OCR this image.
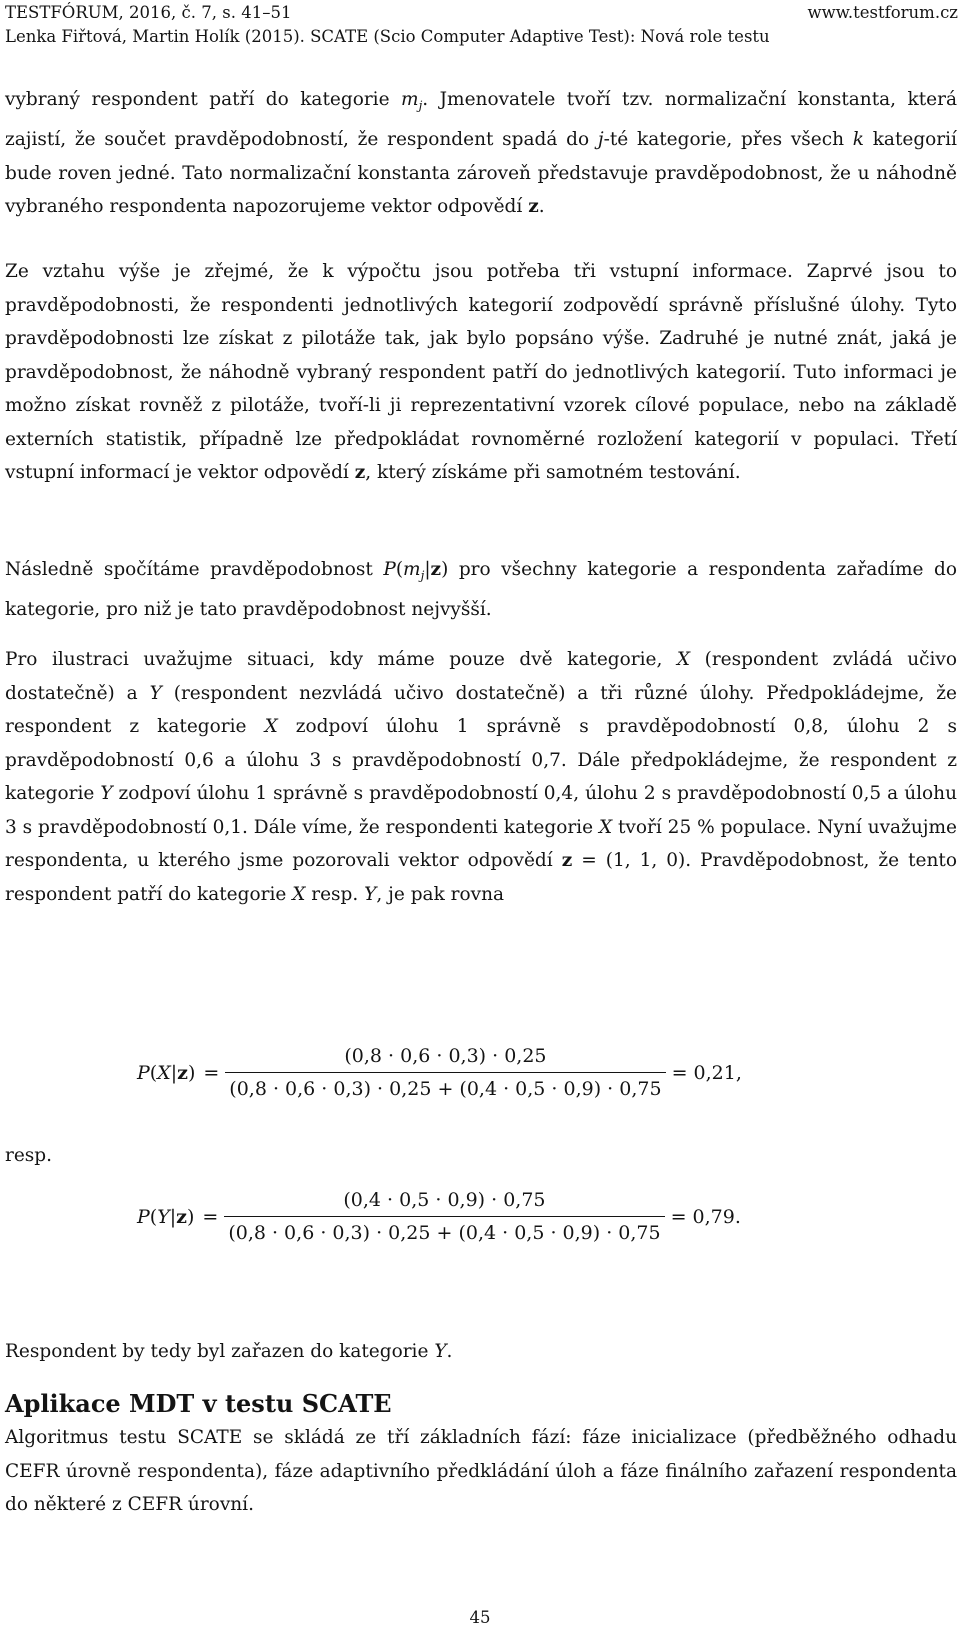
TESTFÓRUM, 2016, č. 7, s. 41–51	www.testforum.cz
Lenka Fiřtová, Martin Holík (2015). SCATE (Scio Computer Adaptive Test): Nová role testu

vybraný respondent patří do kategorie $m_j$. Jmenovatele tvoří tzv. normalizační konstanta, která zajistí, že součet pravděpodobností, že respondent spadá do j-té kategorie, přes všech k kategorií bude roven jedné. Tato normalizační konstanta zároveň představuje pravděpodobnost, že u náhodně vybraného respondenta napozorujeme vektor odpovědí z.

Ze vztahu výše je zřejmé, že k výpočtu jsou potřeba tři vstupní informace. Zaprvé jsou to pravděpodobnosti, že respondenti jednotlivých kategorií zodpovědí správně příslušné úlohy. Tyto pravděpodobnosti lze získat z pilotáže tak, jak bylo popsáno výše. Zadruhé je nutné znát, jaká je pravděpodobnost, že náhodně vybraný respondent patří do jednotlivých kategorií. Tuto informaci je možno získat rovněž z pilotáže, tvoří-li ji reprezentativní vzorek cílové populace, nebo na základě externích statistik, případně lze předpokládat rovnoměrné rozložení kategorií v populaci. Třetí vstupní informací je vektor odpovědí z, který získáme při samotném testování.

Následně spočítáme pravděpodobnost $P(m_j|z)$ pro všechny kategorie a respondenta zařadíme do kategorie, pro niž je tato pravděpodobnost nejvyšší.

Pro ilustraci uvažujme situaci, kdy máme pouze dvě kategorie, X (respondent zvládá učivo dostatečně) a Y (respondent nezvládá učivo dostatečně) a tři různé úlohy. Předpokládejme, že respondent z kategorie X zodpoví úlohu 1 správně s pravděpodobností 0,8, úlohu 2 s pravděpodobností 0,6 a úlohu 3 s pravděpodobností 0,7. Dále předpokládejme, že respondent z kategorie Y zodpoví úlohu 1 správně s pravděpodobností 0,4, úlohu 2 s pravděpodobností 0,5 a úlohu 3 s pravděpodobností 0,1. Dále víme, že respondenti kategorie X tvoří 25 % populace. Nyní uvažujme respondenta, u kterého jsme pozorovali vektor odpovědí z = (1, 1, 0). Pravděpodobnost, že tento respondent patří do kategorie X resp. Y, je pak rovna

$P(X|z) = \frac{(0,8 \cdot 0,6 \cdot 0,3) \cdot 0,25}{(0,8 \cdot 0,6 \cdot 0,3) \cdot 0,25 + (0,4 \cdot 0,5 \cdot 0,9) \cdot 0,75} = 0,21$,
resp.
$P(Y|z) = \frac{(0,4 \cdot 0,5 \cdot 0,9) \cdot 0,75}{(0,8 \cdot 0,6 \cdot 0,3) \cdot 0,25 + (0,4 \cdot 0,5 \cdot 0,9) \cdot 0,75} = 0,79$.

Respondent by tedy byl zařazen do kategorie Y.

Aplikace MDT v testu SCATE

Algoritmus testu SCATE se skládá ze tří základních fází: fáze inicializace (předběžného odhadu CEFR úrovně respondenta), fáze adaptivního předkládání úloh a fáze finálního zařazení respondenta do některé z CEFR úrovní.

45
